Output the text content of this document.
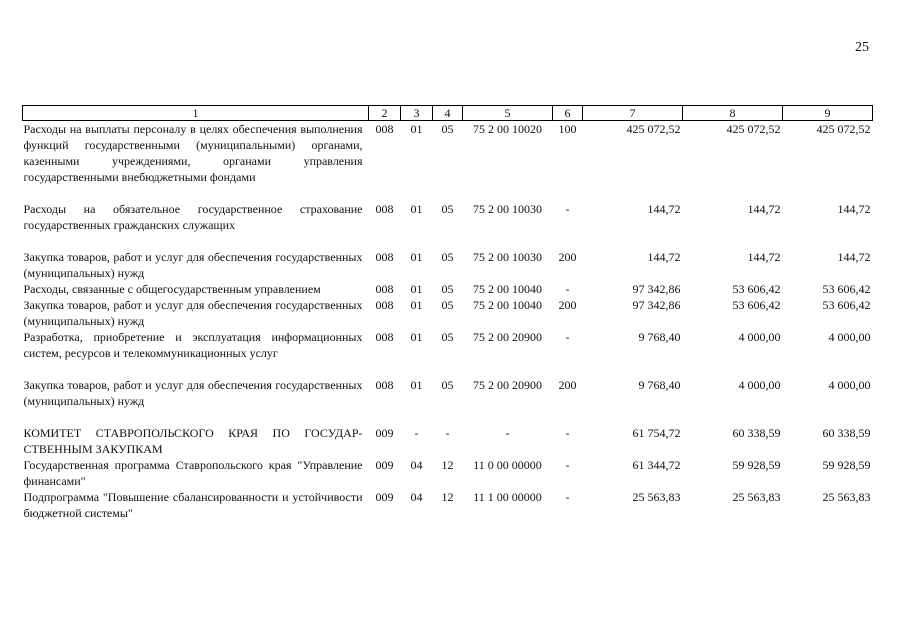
25
1	2	3	4	5	6	7	8	9
Расходы на выплаты персоналу в целях обеспечения выполнения функций государственными (муниципальными) органами, казенными учреждениями, органами управления государственными внебюджетными фондами	008	01	05	75 2 00 10020	100	425 072,52	425 072,52	425 072,52
Расходы на обязательное государственное страхование государственных гражданских служащих	008	01	05	75 2 00 10030	-	144,72	144,72	144,72
Закупка товаров, работ и услуг для обеспечения государственных (муниципальных) нужд	008	01	05	75 2 00 10030	200	144,72	144,72	144,72
Расходы, связанные с общегосударственным управлением	008	01	05	75 2 00 10040	-	97 342,86	53 606,42	53 606,42
Закупка товаров, работ и услуг для обеспечения государственных (муниципальных) нужд	008	01	05	75 2 00 10040	200	97 342,86	53 606,42	53 606,42
Разработка, приобретение и эксплуатация информационных систем, ресурсов и телекоммуникационных услуг	008	01	05	75 2 00 20900	-	9 768,40	4 000,00	4 000,00
Закупка товаров, работ и услуг для обеспечения государственных (муниципальных) нужд	008	01	05	75 2 00 20900	200	9 768,40	4 000,00	4 000,00
КОМИТЕТ СТАВРОПОЛЬСКОГО КРАЯ ПО ГОСУДАР-СТВЕННЫМ ЗАКУПКАМ	009	-	-	-	-	61 754,72	60 338,59	60 338,59
Государственная программа Ставропольского края "Управление финансами"	009	04	12	11 0 00 00000	-	61 344,72	59 928,59	59 928,59
Подпрограмма "Повышение сбалансированности и устойчивости бюджетной системы"	009	04	12	11 1 00 00000	-	25 563,83	25 563,83	25 563,83
